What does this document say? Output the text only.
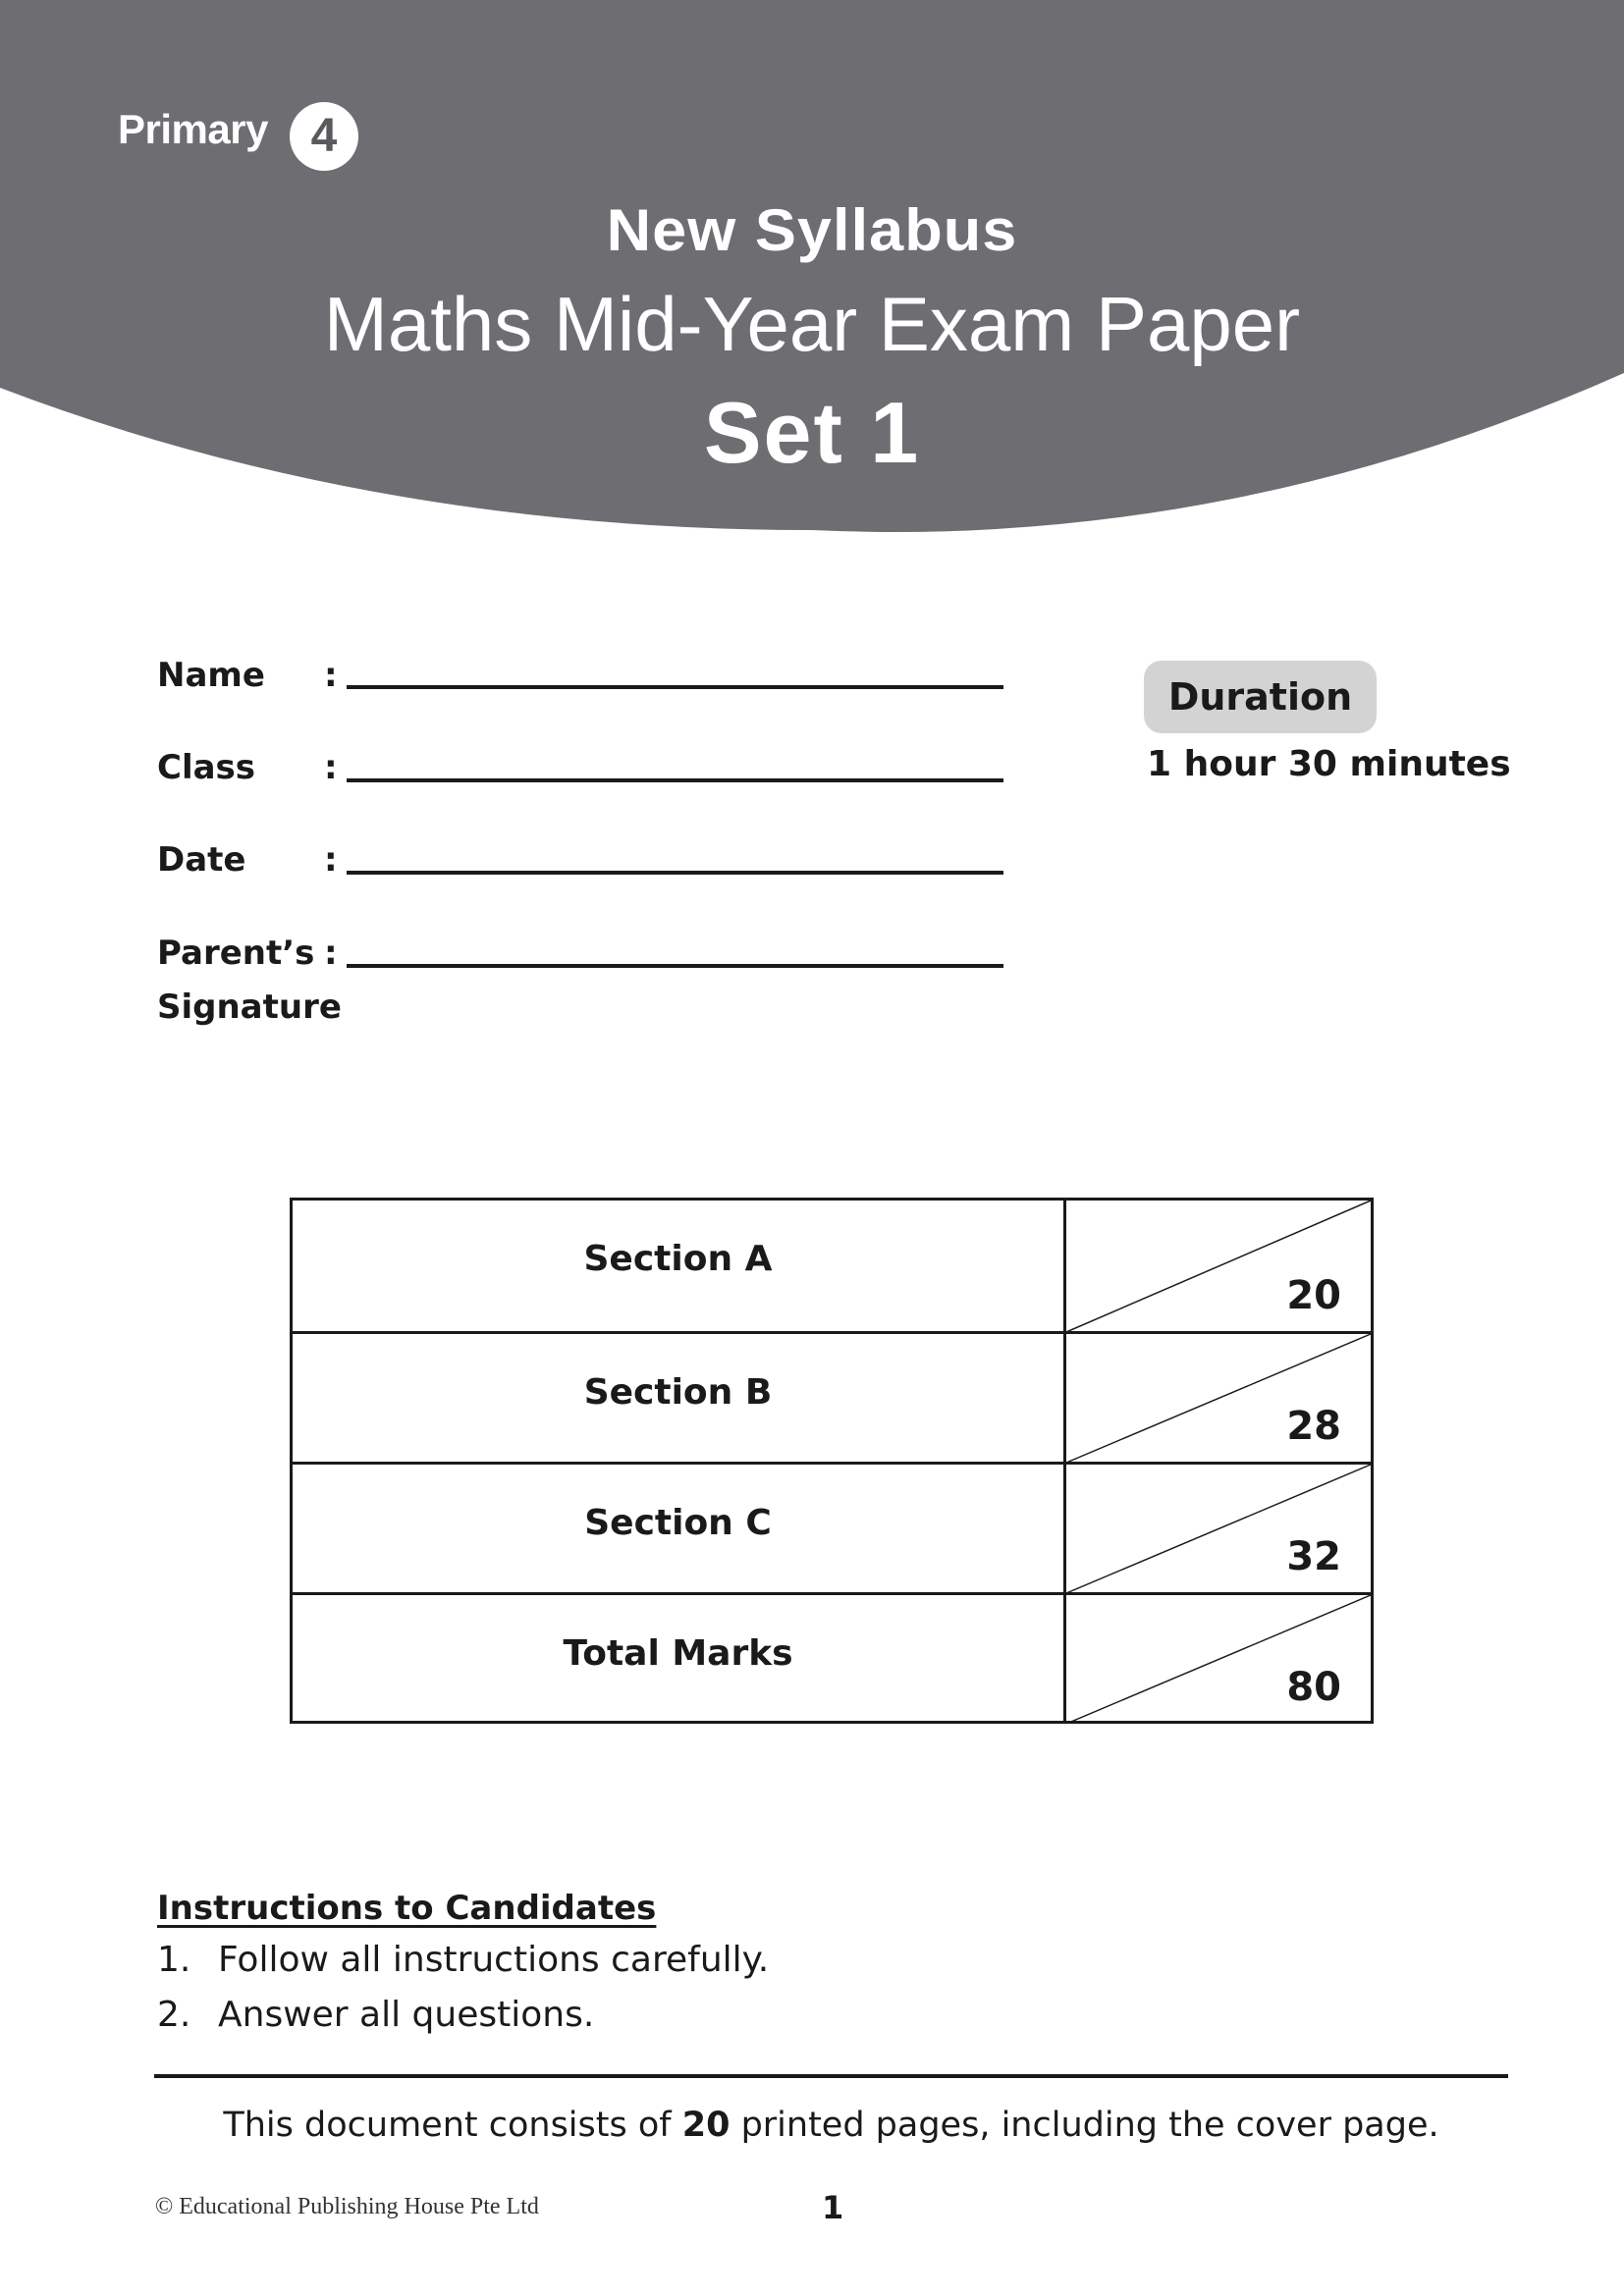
Primary 4
New Syllabus
Maths Mid-Year Exam Paper
Set 1
Name :
Class :
Date :
Parent’s
Signature
:
Duration
1 hour 30 minutes
Section A
20
Section B
28
Section C
32
Total Marks
80
Instructions to Candidates
1. Follow all instructions carefully.
2. Answer all questions.
This document consists of 20 printed pages, including the cover page.
© Educational Publishing House Pte Ltd	1
